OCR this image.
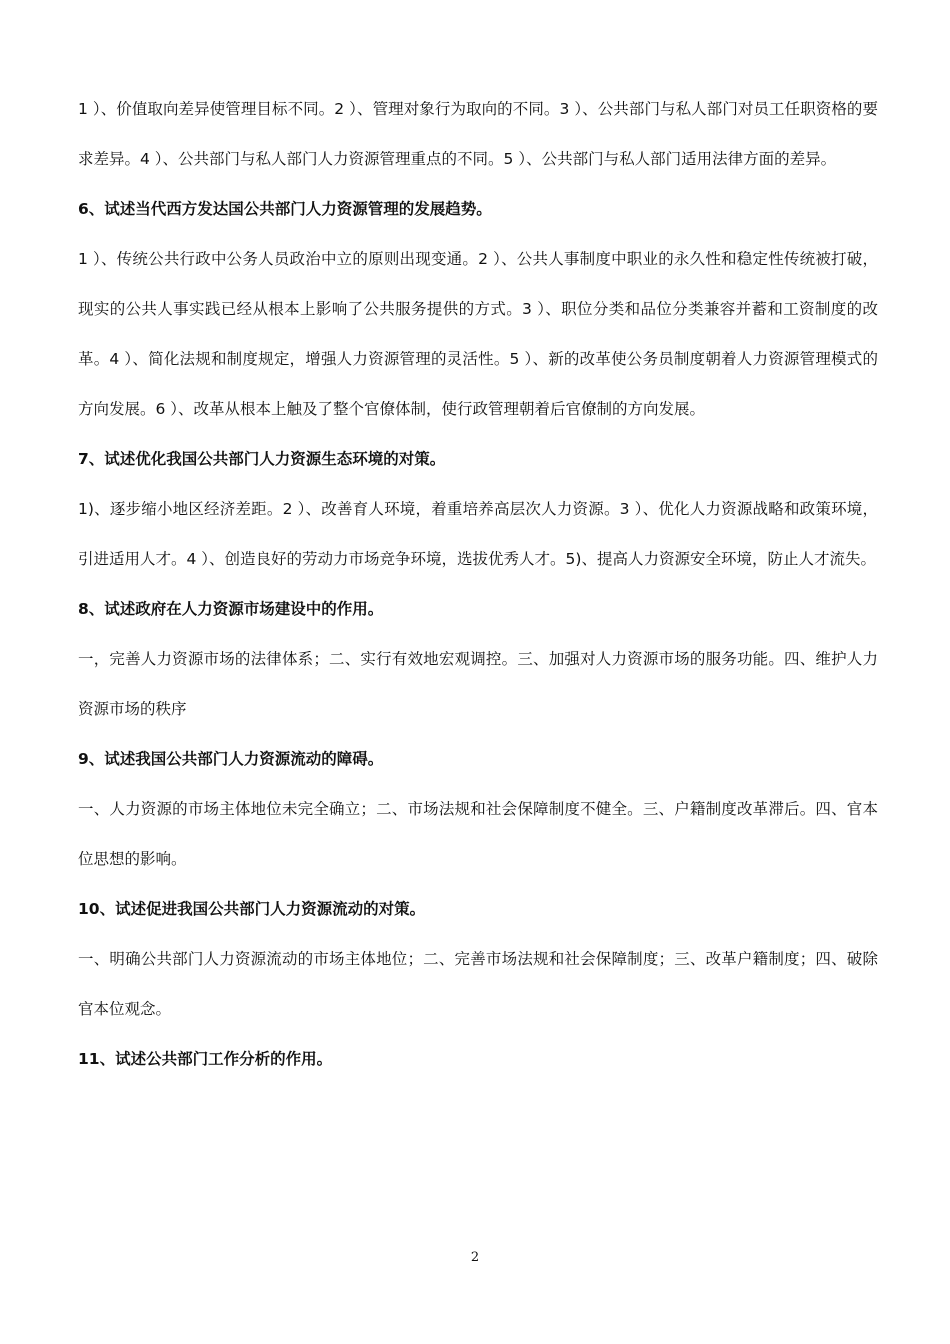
1 ）、价值取向差异使管理目标不同。2 ）、管理对象行为取向的不同。3 ）、公共部门与私人部门对员工任职资格的要求差异。4 ）、公共部门与私人部门人力资源管理重点的不同。5 ）、公共部门与私人部门适用法律方面的差异。

6、试述当代西方发达国公共部门人力资源管理的发展趋势。

1 ）、传统公共行政中公务人员政治中立的原则出现变通。2 ）、公共人事制度中职业的永久性和稳定性传统被打破，现实的公共人事实践已经从根本上影响了公共服务提供的方式。3 ）、职位分类和品位分类兼容并蓄和工资制度的改革。4 ）、简化法规和制度规定，增强人力资源管理的灵活性。5 ）、新的改革使公务员制度朝着人力资源管理模式的方向发展。6 ）、改革从根本上触及了整个官僚体制，使行政管理朝着后官僚制的方向发展。

7、试述优化我国公共部门人力资源生态环境的对策。

1)、逐步缩小地区经济差距。2 ）、改善育人环境，着重培养高层次人力资源。3 ）、优化人力资源战略和政策环境，引进适用人才。4 ）、创造良好的劳动力市场竞争环境，选拔优秀人才。5)、提高人力资源安全环境，防止人才流失。

8、试述政府在人力资源市场建设中的作用。

一，完善人力资源市场的法律体系；二、实行有效地宏观调控。三、加强对人力资源市场的服务功能。四、维护人力资源市场的秩序

9、试述我国公共部门人力资源流动的障碍。

一、人力资源的市场主体地位未完全确立；二、市场法规和社会保障制度不健全。三、户籍制度改革滞后。四、官本位思想的影响。

10、试述促进我国公共部门人力资源流动的对策。

一、明确公共部门人力资源流动的市场主体地位；二、完善市场法规和社会保障制度；三、改革户籍制度；四、破除官本位观念。

11、试述公共部门工作分析的作用。

2
